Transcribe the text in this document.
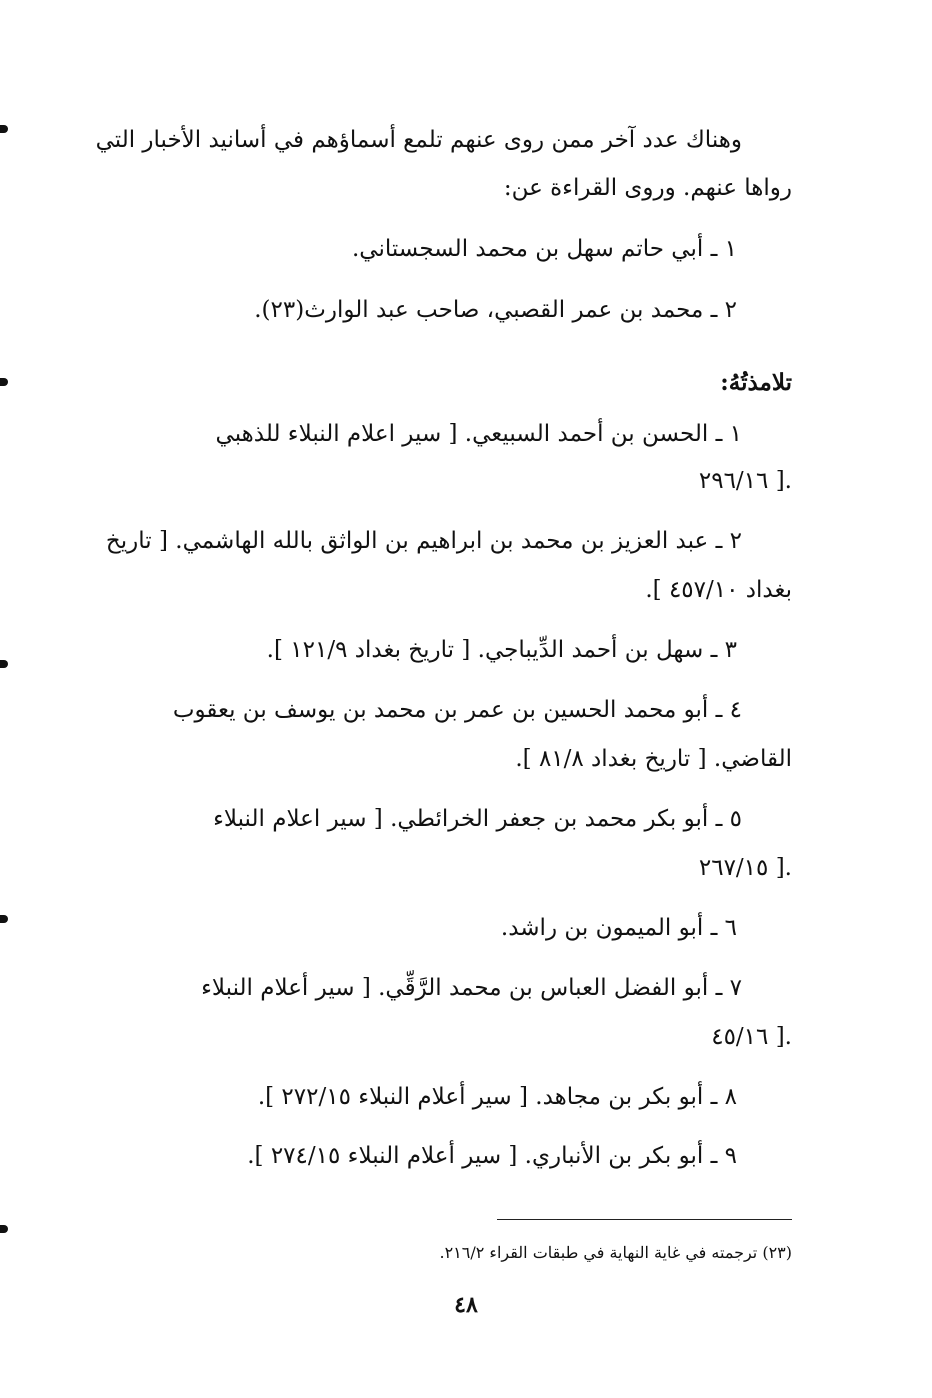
وهناك عدد آخر ممن روى عنهم تلمع أسماؤهم في أسانيد الأخبار التي
رواها عنهم. وروى القراءة عن:
١ ـ أبي حاتم سهل بن محمد السجستاني.
٢ ـ محمد بن عمر القصبي، صاحب عبد الوارث(٢٣).
تلامذتُهُ:
١ ـ الحسن بن أحمد السبيعي. [ سير اعلام النبلاء للذهبي
٢٩٦/١٦ ].
٢ ـ عبد العزيز بن محمد بن ابراهيم بن الواثق بالله الهاشمي. [ تاريخ
بغداد ٤٥٧/١٠ ].
٣ ـ سهل بن أحمد الدِّيباجي. [ تاريخ بغداد ١٢١/٩ ].
٤ ـ أبو محمد الحسين بن عمر بن محمد بن يوسف بن يعقوب
القاضي. [ تاريخ بغداد ٨١/٨ ].
٥ ـ أبو بكر محمد بن جعفر الخرائطي. [ سير اعلام النبلاء
٢٦٧/١٥ ].
٦ ـ أبو الميمون بن راشد.
٧ ـ أبو الفضل العباس بن محمد الرَّقِّي. [ سير أعلام النبلاء
٤٥/١٦ ].
٨ ـ أبو بكر بن مجاهد. [ سير أعلام النبلاء ٢٧٢/١٥ ].
٩ ـ أبو بكر بن الأنباري. [ سير أعلام النبلاء ٢٧٤/١٥ ].
(٢٣) ترجمته في غاية النهاية في طبقات القراء ٢١٦/٢.
٤٨
